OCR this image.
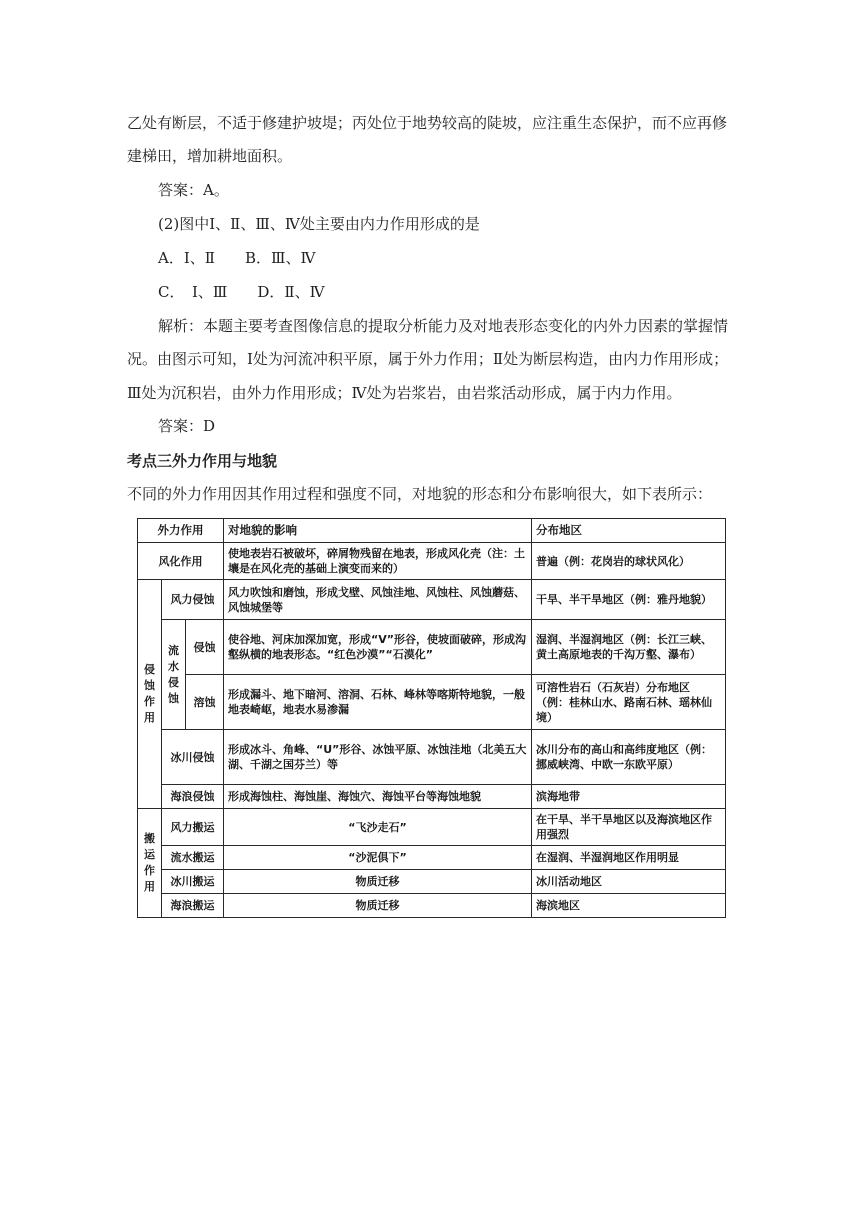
乙处有断层，不适于修建护坡堤；丙处位于地势较高的陡坡，应注重生态保护，而不应再修
建梯田，增加耕地面积。
答案：A。
(2)图中Ⅰ、Ⅱ、Ⅲ、Ⅳ处主要由内力作用形成的是
A．Ⅰ、Ⅱ　　B．Ⅲ、Ⅳ
C．　Ⅰ、Ⅲ　　D．Ⅱ、Ⅳ
解析：本题主要考查图像信息的提取分析能力及对地表形态变化的内外力因素的掌握情
况。由图示可知，Ⅰ处为河流冲积平原，属于外力作用；Ⅱ处为断层构造，由内力作用形成；
Ⅲ处为沉积岩，由外力作用形成；Ⅳ处为岩浆岩，由岩浆活动形成，属于内力作用。
答案：D
考点三外力作用与地貌
不同的外力作用因其作用过程和强度不同，对地貌的形态和分布影响很大，如下表所示：
外力作用			对地貌的影响	分布地区
风化作用			使地表岩石被破坏，碎屑物残留在地表，形成风化壳（注：土壤是在风化壳的基础上演变而来的）	普遍（例：花岗岩的球状风化）
侵蚀作用	风力侵蚀		风力吹蚀和磨蚀，形成戈壁、风蚀洼地、风蚀柱、风蚀蘑菇、风蚀城堡等	干旱、半干旱地区（例：雅丹地貌）
	流水侵蚀	侵蚀	使谷地、河床加深加宽，形成“V”形谷，使坡面破碎，形成沟壑纵横的地表形态。“红色沙漠”“石漠化”	湿润、半湿润地区（例：长江三峡、黄土高原地表的千沟万壑、瀑布）
		溶蚀	形成漏斗、地下暗河、溶洞、石林、峰林等喀斯特地貌，一般地表崎岖，地表水易渗漏	可溶性岩石（石灰岩）分布地区（例：桂林山水、路南石林、瑶林仙境）
	冰川侵蚀		形成冰斗、角峰、“U”形谷、冰蚀平原、冰蚀洼地（北美五大湖、千湖之国芬兰）等	冰川分布的高山和高纬度地区（例：挪威峡湾、中欧一东欧平原）
	海浪侵蚀		形成海蚀柱、海蚀崖、海蚀穴、海蚀平台等海蚀地貌	滨海地带
搬运作用	风力搬运		“飞沙走石”	在干旱、半干旱地区以及海滨地区作用强烈
	流水搬运		“沙泥俱下”	在湿润、半湿润地区作用明显
	冰川搬运		物质迁移	冰川活动地区
	海浪搬运		物质迁移	海滨地区
